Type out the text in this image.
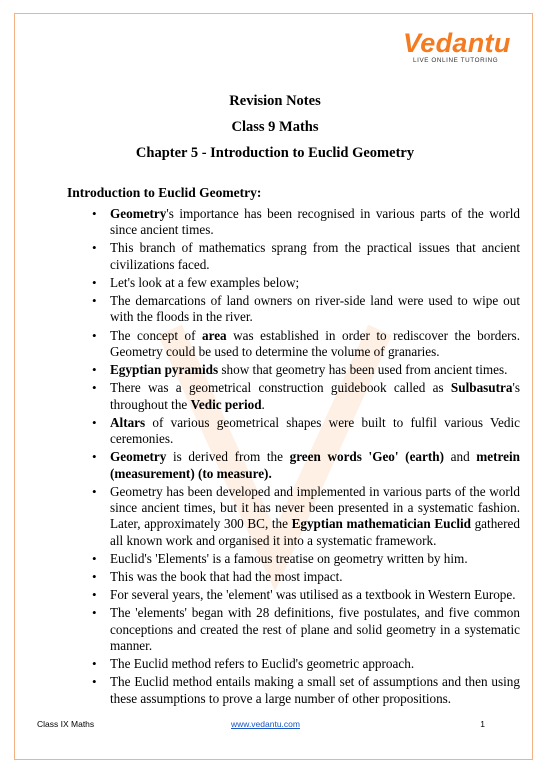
Vedantu
LIVE ONLINE TUTORING
Revision Notes
Class 9 Maths
Chapter 5 - Introduction to Euclid Geometry
Introduction to Euclid Geometry:
• Geometry's importance has been recognised in various parts of the world since ancient times.
• This branch of mathematics sprang from the practical issues that ancient civilizations faced.
• Let's look at a few examples below;
• The demarcations of land owners on river-side land were used to wipe out with the floods in the river.
• The concept of area was established in order to rediscover the borders. Geometry could be used to determine the volume of granaries.
• Egyptian pyramids show that geometry has been used from ancient times.
• There was a geometrical construction guidebook called as Sulbasutra's throughout the Vedic period.
• Altars of various geometrical shapes were built to fulfil various Vedic ceremonies.
• Geometry is derived from the green words 'Geo' (earth) and metrein (measurement) (to measure).
• Geometry has been developed and implemented in various parts of the world since ancient times, but it has never been presented in a systematic fashion. Later, approximately 300 BC, the Egyptian mathematician Euclid gathered all known work and organised it into a systematic framework.
• Euclid's 'Elements' is a famous treatise on geometry written by him.
• This was the book that had the most impact.
• For several years, the 'element' was utilised as a textbook in Western Europe.
• The 'elements' began with 28 definitions, five postulates, and five common conceptions and created the rest of plane and solid geometry in a systematic manner.
• The Euclid method refers to Euclid's geometric approach.
• The Euclid method entails making a small set of assumptions and then using these assumptions to prove a large number of other propositions.
Class IX Maths	www.vedantu.com	1
